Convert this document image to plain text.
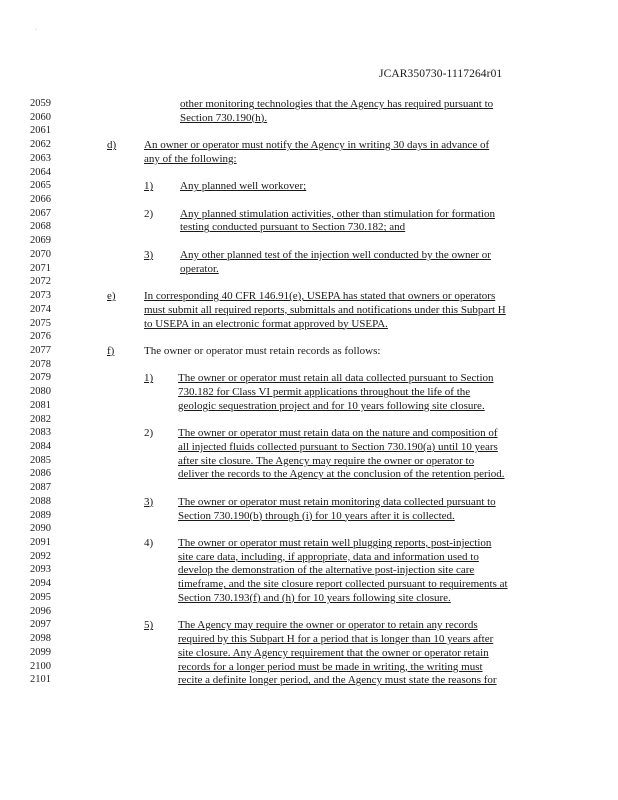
·
JCAR350730-1117264r01
2059	other monitoring technologies that the Agency has required pursuant to
2060	Section 730.190(h).
2061
2062	d)	An owner or operator must notify the Agency in writing 30 days in advance of
2063	any of the following:
2064
2065	1) Any planned well workover;
2066
2067	2) Any planned stimulation activities, other than stimulation for formation
2068	testing conducted pursuant to Section 730.182; and
2069
2070	3) Any other planned test of the injection well conducted by the owner or
2071	operator.
2072
2073	e)	In corresponding 40 CFR 146.91(e), USEPA has stated that owners or operators
2074	must submit all required reports, submittals and notifications under this Subpart H
2075	to USEPA in an electronic format approved by USEPA.
2076
2077	f)	The owner or operator must retain records as follows:
2078
2079	1) The owner or operator must retain all data collected pursuant to Section
2080	730.182 for Class VI permit applications throughout the life of the
2081	geologic sequestration project and for 10 years following site closure.
2082
2083	2) The owner or operator must retain data on the nature and composition of
2084	all injected fluids collected pursuant to Section 730.190(a) until 10 years
2085	after site closure. The Agency may require the owner or operator to
2086	deliver the records to the Agency at the conclusion of the retention period.
2087
2088	3) The owner or operator must retain monitoring data collected pursuant to
2089	Section 730.190(b) through (i) for 10 years after it is collected.
2090
2091	4) The owner or operator must retain well plugging reports, post-injection
2092	site care data, including, if appropriate, data and information used to
2093	develop the demonstration of the alternative post-injection site care
2094	timeframe, and the site closure report collected pursuant to requirements at
2095	Section 730.193(f) and (h) for 10 years following site closure.
2096
2097	5) The Agency may require the owner or operator to retain any records
2098	required by this Subpart H for a period that is longer than 10 years after
2099	site closure. Any Agency requirement that the owner or operator retain
2100	records for a longer period must be made in writing, the writing must
2101	recite a definite longer period, and the Agency must state the reasons for
